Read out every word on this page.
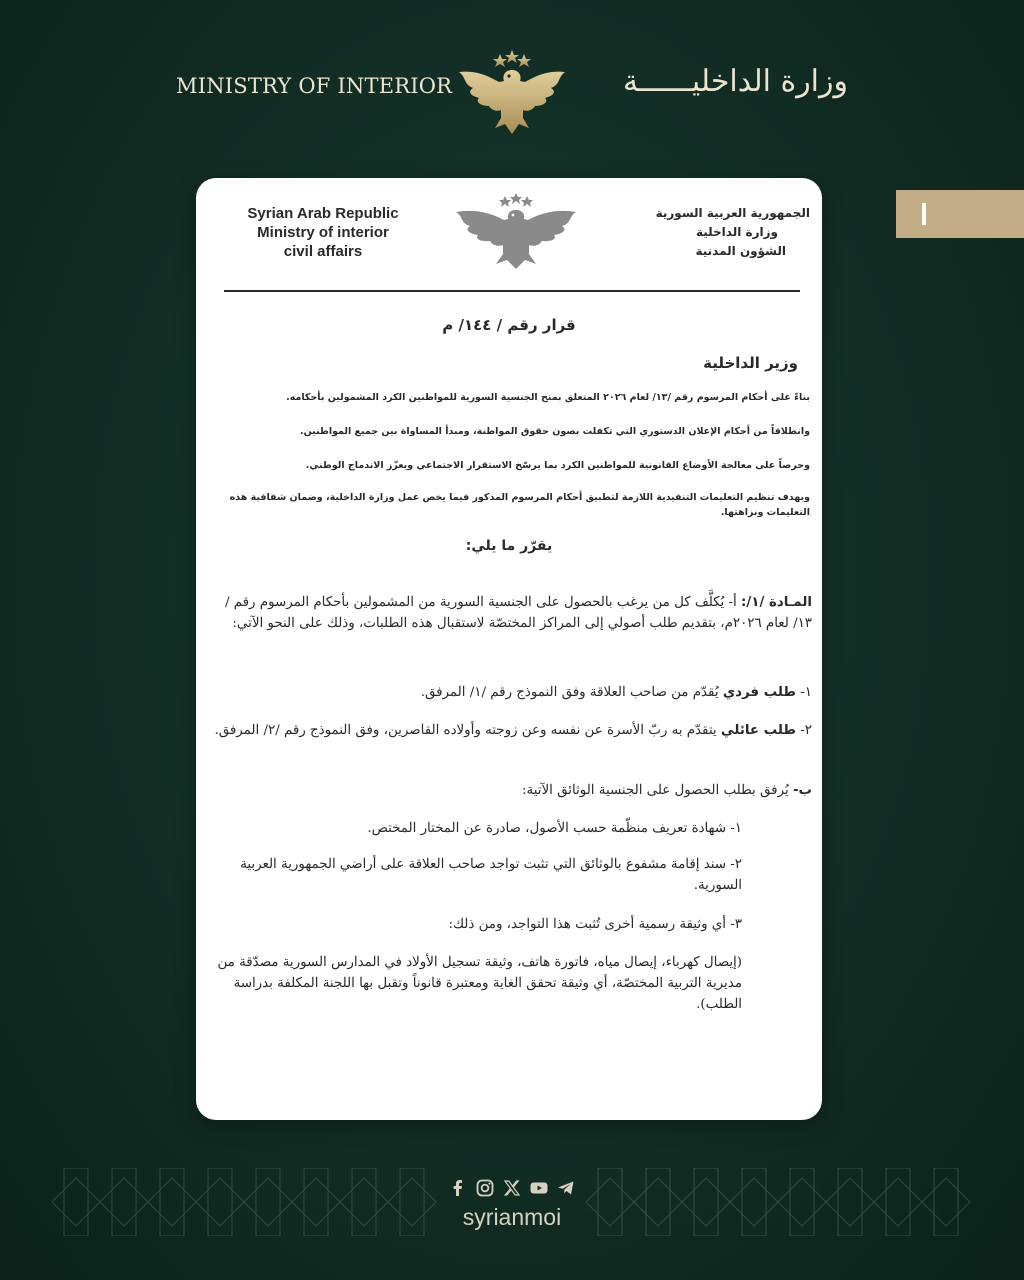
MINISTRY OF INTERIOR	وزارة الداخليــــــة
Syrian Arab Republic
Ministry of interior
civil affairs
الجمهورية العربية السورية
وزارة الداخلية
الشؤون المدنية
قرار رقم / ١٤٤/ م
وزير الداخلية
بناءً على أحكام المرسوم رقم /١٣/ لعام ٢٠٢٦ المتعلق بمنح الجنسية السورية للمواطنين الكرد المشمولين بأحكامه.
وانطلاقاً من أحكام الإعلان الدستوري التي تكفلت بصون حقوق المواطنة، ومبدأ المساواة بين جميع المواطنين.
وحرصاً على معالجة الأوضاع القانونية للمواطنين الكرد بما يرسّخ الاستقرار الاجتماعي ويعزّز الاندماج الوطني.
وبهدف تنظيم التعليمات التنفيذية اللازمة لتطبيق أحكام المرسوم المذكور فيما يخص عمل وزارة الداخلية، وضمان شفافية هذه التعليمات ونزاهتها.
يقرّر ما يلي:
المـادة /١/: أ- يُكلَّف كل من يرغب بالحصول على الجنسية السورية من المشمولين بأحكام المرسوم رقم /١٣/ لعام ٢٠٢٦م، بتقديم طلب أصولي إلى المراكز المختصّة لاستقبال هذه الطلبات، وذلك على النحو الآتي:
١- طلب فردي يُقدّم من صاحب العلاقة وفق النموذج رقم /١/ المرفق.
٢- طلب عائلي يتقدّم به ربّ الأسرة عن نفسه وعن زوجته وأولاده القاصرين، وفق النموذج رقم /٢/ المرفق.
ب- يُرفق بطلب الحصول على الجنسية الوثائق الآتية:
١- شهادة تعريف منظّمة حسب الأصول، صادرة عن المختار المختص.
٢- سند إقامة مشفوع بالوثائق التي تثبت تواجد صاحب العلاقة على أراضي الجمهورية العربية السورية.
٣- أي وثيقة رسمية أخرى تُثبت هذا التواجد، ومن ذلك:
(إيصال كهرباء، إيصال مياه، فاتورة هاتف، وثيقة تسجيل الأولاد في المدارس السورية مصدّقة من مديرية التربية المختصّة، أي وثيقة تحقق الغاية ومعتبرة قانوناً وتقبل بها اللجنة المكلفة بدراسة الطلب).
syrianmoi
